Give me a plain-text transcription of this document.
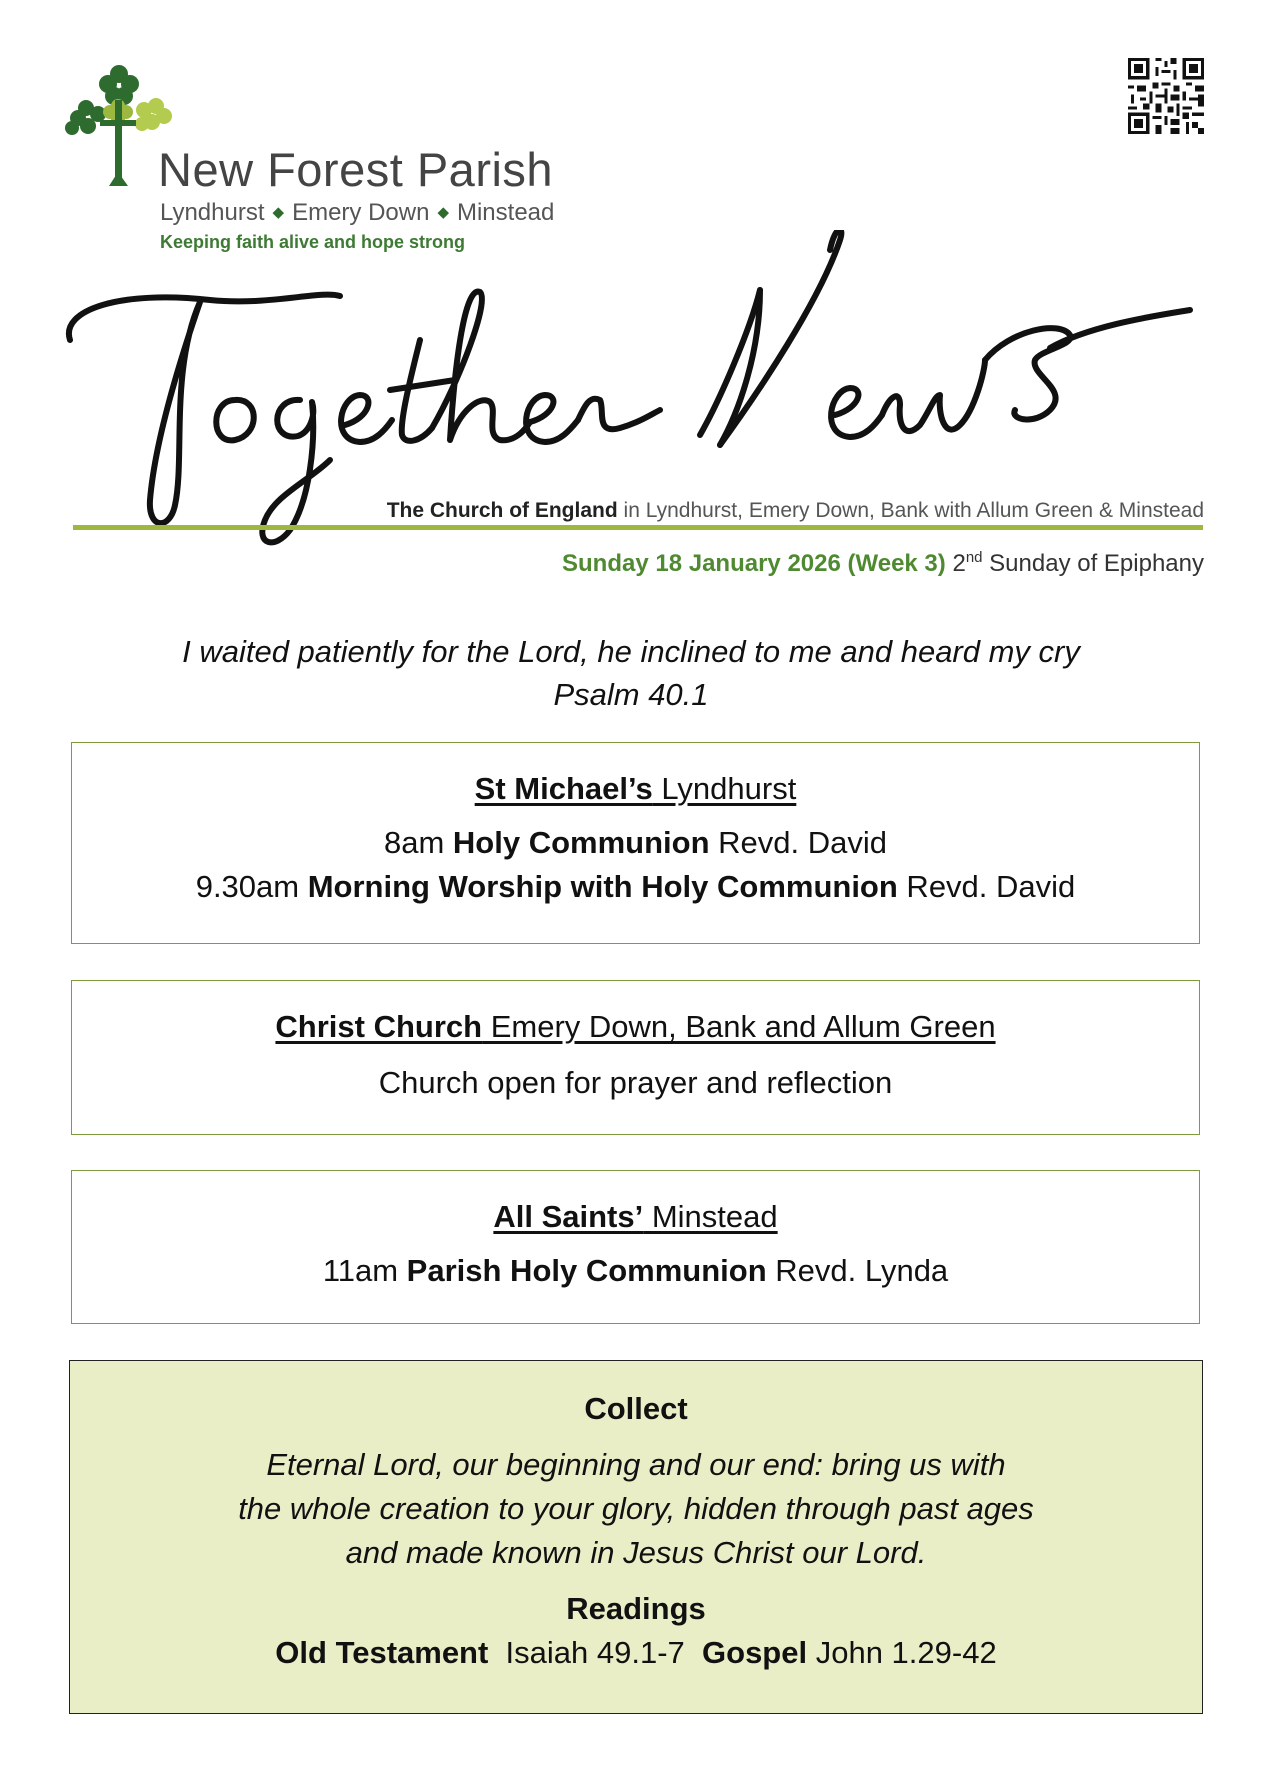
New Forest Parish
Lyndhurst ◆ Emery Down ◆ Minstead
Keeping faith alive and hope strong
The Church of England in Lyndhurst, Emery Down, Bank with Allum Green & Minstead
Sunday 18 January 2026 (Week 3) 2nd Sunday of Epiphany
I waited patiently for the Lord, he inclined to me and heard my cry
Psalm 40.1
St Michael’s Lyndhurst
8am Holy Communion Revd. David
9.30am Morning Worship with Holy Communion Revd. David
Christ Church Emery Down, Bank and Allum Green
Church open for prayer and reflection
All Saints’ Minstead
11am Parish Holy Communion Revd. Lynda
Collect
Eternal Lord, our beginning and our end: bring us with
the whole creation to your glory, hidden through past ages
and made known in Jesus Christ our Lord.
Readings
Old Testament  Isaiah 49.1-7  Gospel John 1.29-42
